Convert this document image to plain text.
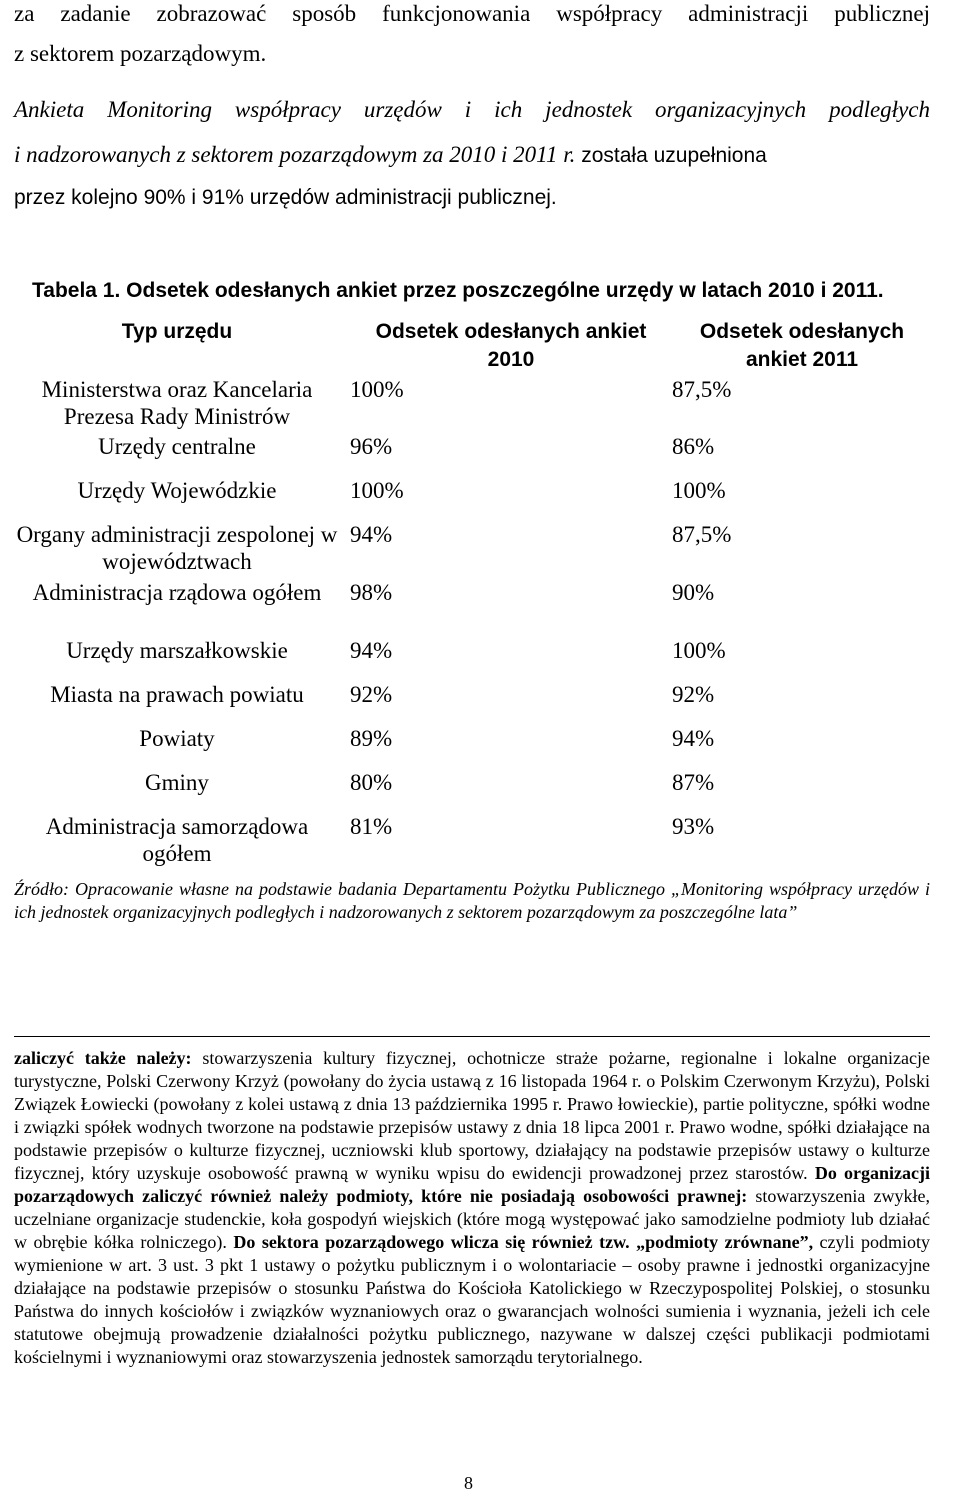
za zadanie zobrazować sposób funkcjonowania współpracy administracji publicznej
z sektorem pozarządowym.
Ankieta Monitoring współpracy urzędów i ich jednostek organizacyjnych podległych
i nadzorowanych z sektorem pozarządowym za 2010 i 2011 r. została uzupełniona
przez kolejno 90% i 91% urzędów administracji publicznej.
Tabela 1. Odsetek odesłanych ankiet przez poszczególne urzędy w latach 2010 i 2011.
Typ urzędu	Odsetek odesłanych ankiet 2010	Odsetek odesłanych ankiet 2011
Ministerstwa oraz Kancelaria Prezesa Rady Ministrów	100%	87,5%
Urzędy centralne	96%	86%
Urzędy Wojewódzkie	100%	100%
Organy administracji zespolonej w województwach	94%	87,5%
Administracja rządowa ogółem	98%	90%
Urzędy marszałkowskie	94%	100%
Miasta na prawach powiatu	92%	92%
Powiaty	89%	94%
Gminy	80%	87%
Administracja samorządowa ogółem	81%	93%
Źródło: Opracowanie własne na podstawie badania Departamentu Pożytku Publicznego „Monitoring współpracy urzędów i ich jednostek organizacyjnych podległych i nadzorowanych z sektorem pozarządowym za poszczególne lata”
zaliczyć także należy: stowarzyszenia kultury fizycznej, ochotnicze straże pożarne, regionalne i lokalne organizacje turystyczne, Polski Czerwony Krzyż (powołany do życia ustawą z 16 listopada 1964 r. o Polskim Czerwonym Krzyżu), Polski Związek Łowiecki (powołany z kolei ustawą z dnia 13 października 1995 r. Prawo łowieckie), partie polityczne, spółki wodne i związki spółek wodnych tworzone na podstawie przepisów ustawy z dnia 18 lipca 2001 r. Prawo wodne, spółki działające na podstawie przepisów o kulturze fizycznej, uczniowski klub sportowy, działający na podstawie przepisów ustawy o kulturze fizycznej, który uzyskuje osobowość prawną w wyniku wpisu do ewidencji prowadzonej przez starostów. Do organizacji pozarządowych zaliczyć również należy podmioty, które nie posiadają osobowości prawnej: stowarzyszenia zwykłe, uczelniane organizacje studenckie, koła gospodyń wiejskich (które mogą występować jako samodzielne podmioty lub działać w obrębie kółka rolniczego). Do sektora pozarządowego wlicza się również tzw. „podmioty zrównane”, czyli podmioty wymienione w art. 3 ust. 3 pkt 1 ustawy o pożytku publicznym i o wolontariacie – osoby prawne i jednostki organizacyjne działające na podstawie przepisów o stosunku Państwa do Kościoła Katolickiego w Rzeczypospolitej Polskiej, o stosunku Państwa do innych kościołów i związków wyznaniowych oraz o gwarancjach wolności sumienia i wyznania, jeżeli ich cele statutowe obejmują prowadzenie działalności pożytku publicznego, nazywane w dalszej części publikacji podmiotami kościelnymi i wyznaniowymi oraz stowarzyszenia jednostek samorządu terytorialnego.
8
